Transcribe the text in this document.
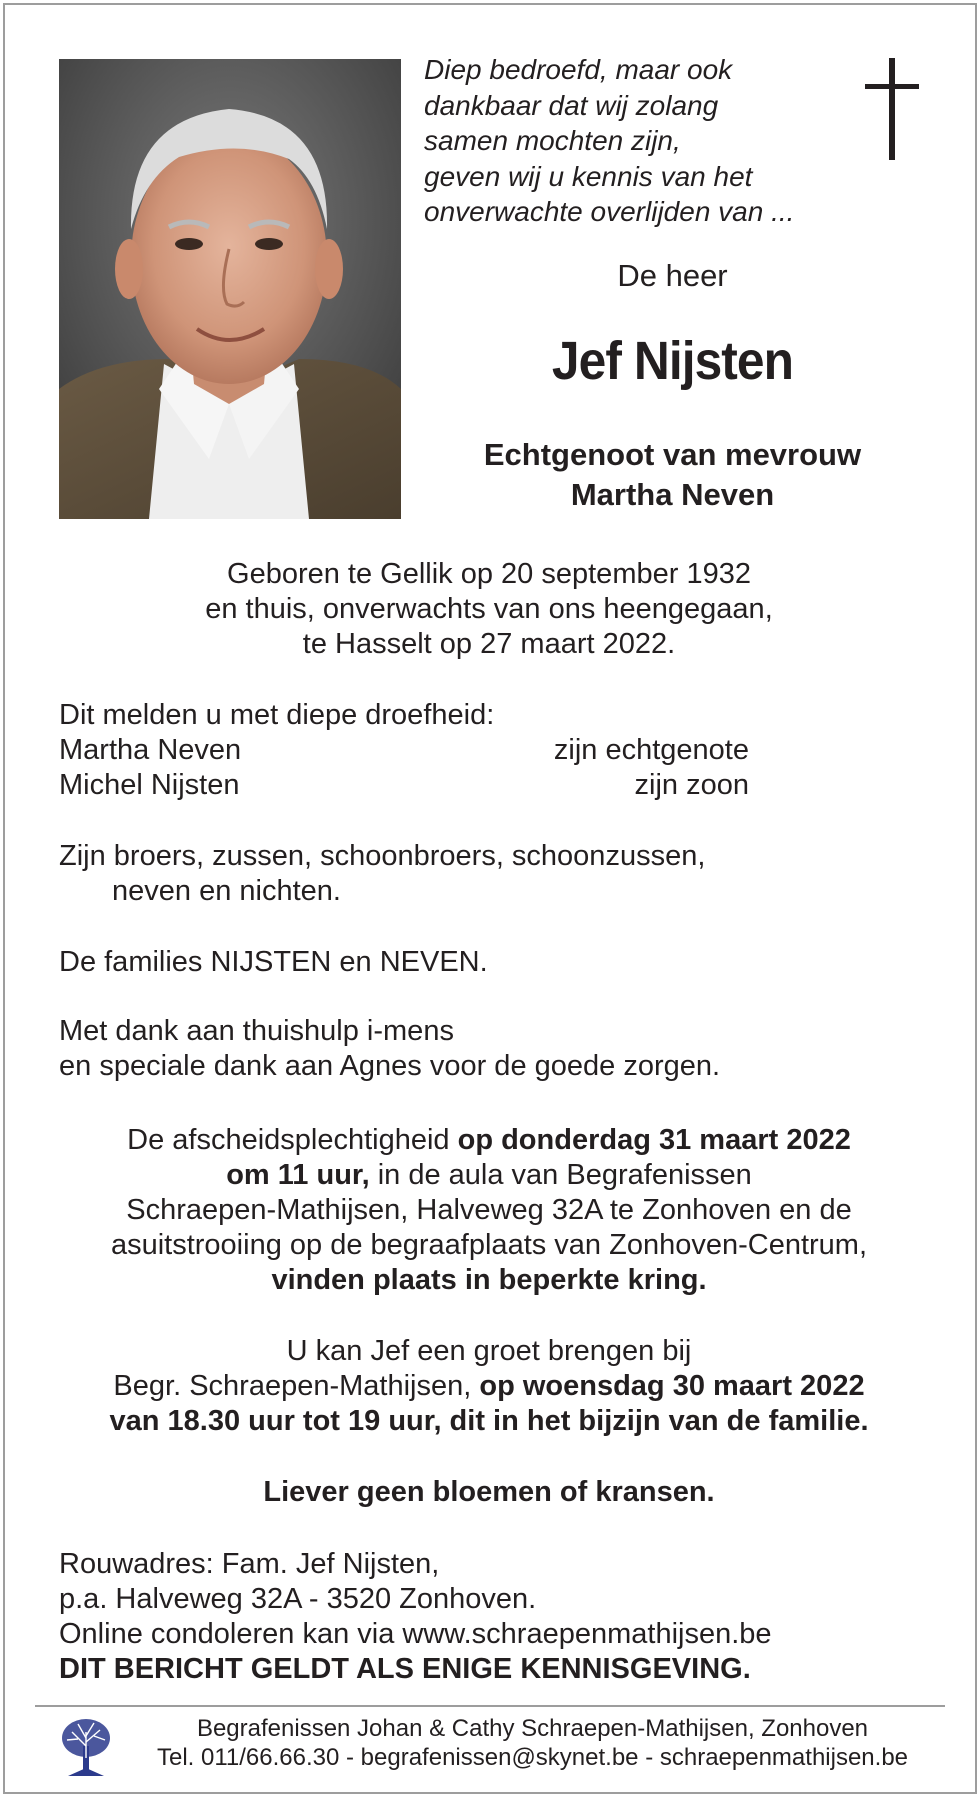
Diep bedroefd, maar ook
dankbaar dat wij zolang
samen mochten zijn,
geven wij u kennis van het
onverwachte overlijden van ...
De heer
Jef Nijsten
Echtgenoot van mevrouw
Martha Neven
Geboren te Gellik op 20 september 1932
en thuis, onverwachts van ons heengegaan,
te Hasselt op 27 maart 2022.
Dit melden u met diepe droefheid:
Martha Neven	zijn echtgenote
Michel Nijsten	zijn zoon
Zijn broers, zussen, schoonbroers, schoonzussen,
neven en nichten.
De families NIJSTEN en NEVEN.
Met dank aan thuishulp i-mens
en speciale dank aan Agnes voor de goede zorgen.
De afscheidsplechtigheid op donderdag 31 maart 2022
om 11 uur, in de aula van Begrafenissen
Schraepen-Mathijsen, Halveweg 32A te Zonhoven en de
asuitstrooiing op de begraafplaats van Zonhoven-Centrum,
vinden plaats in beperkte kring.
U kan Jef een groet brengen bij
Begr. Schraepen-Mathijsen, op woensdag 30 maart 2022
van 18.30 uur tot 19 uur, dit in het bijzijn van de familie.
Liever geen bloemen of kransen.
Rouwadres: Fam. Jef Nijsten,
p.a. Halveweg 32A - 3520 Zonhoven.
Online condoleren kan via www.schraepenmathijsen.be
DIT BERICHT GELDT ALS ENIGE KENNISGEVING.
Begrafenissen Johan & Cathy Schraepen-Mathijsen, Zonhoven
Tel. 011/66.66.30 - begrafenissen@skynet.be - schraepenmathijsen.be
